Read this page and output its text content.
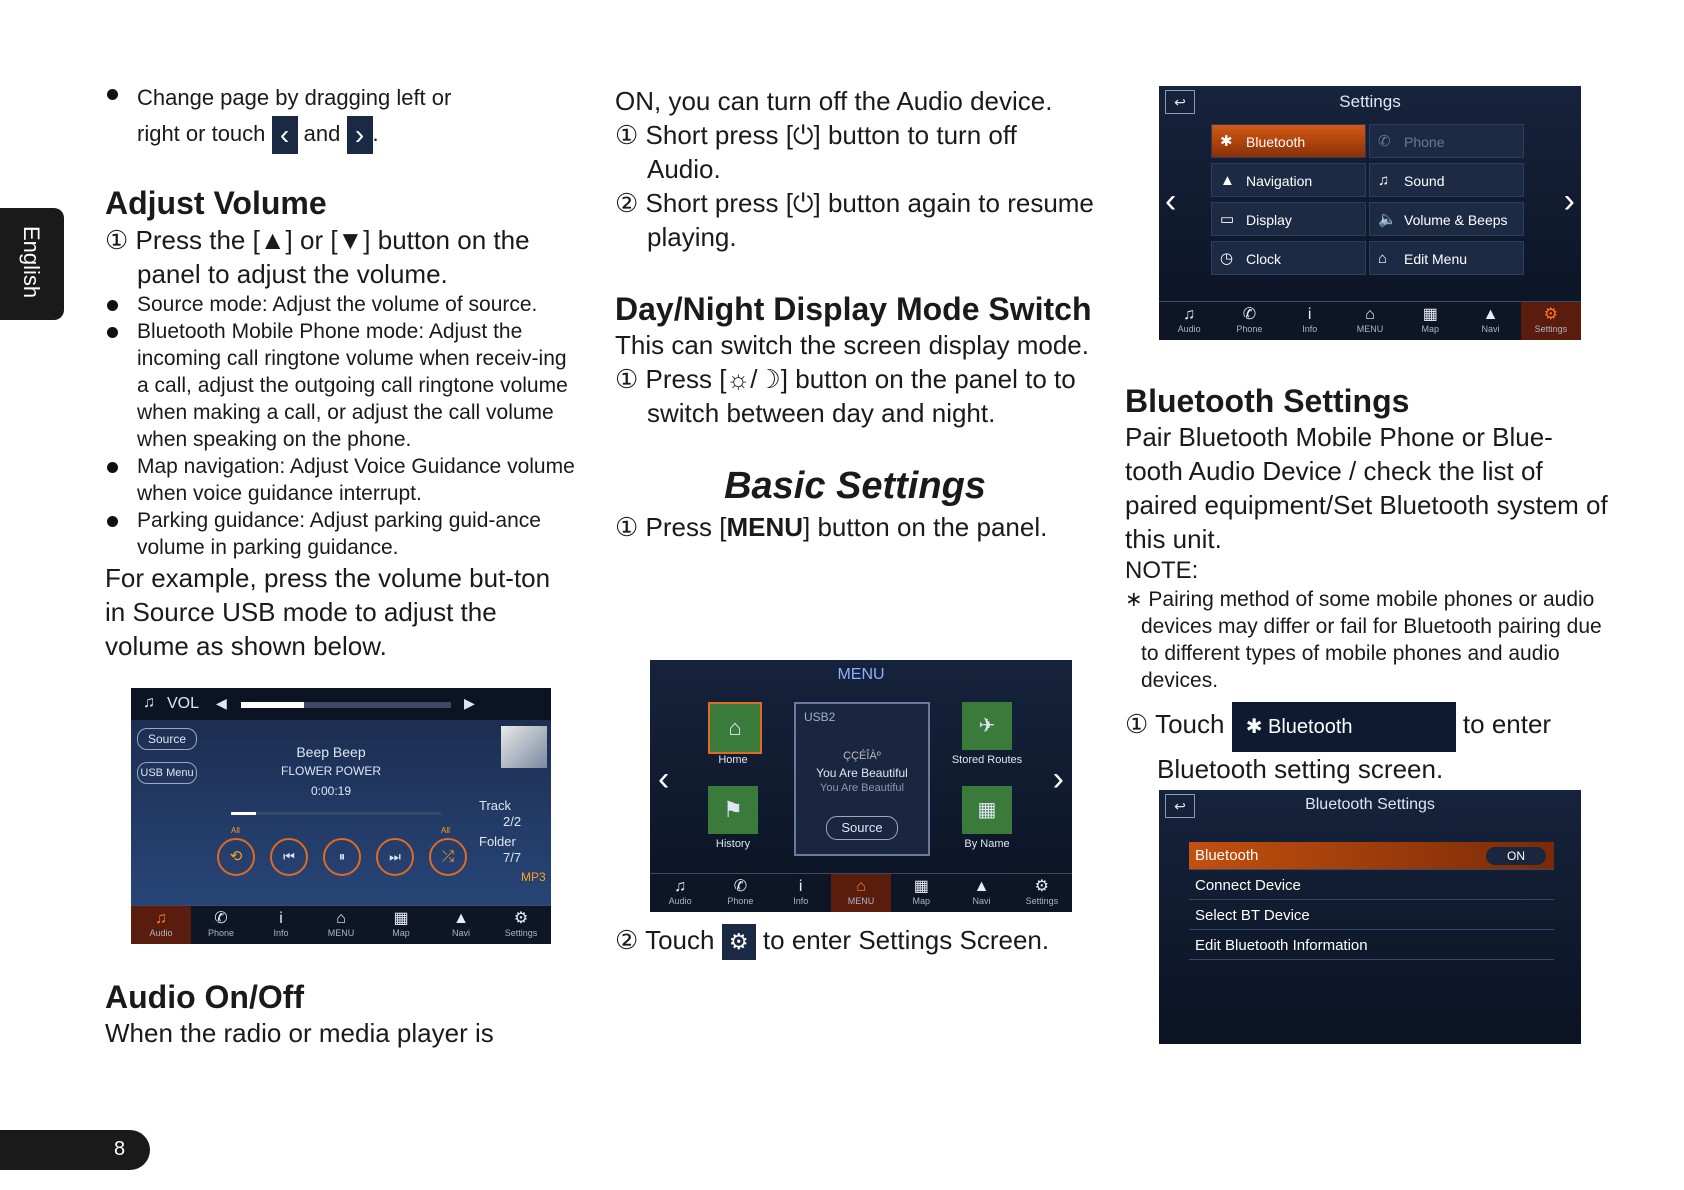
English
8
Change page by dragging left or
right or touch ‹ and › .
Adjust Volume

① Press the [▲] or [▼] button on the panel to adjust the volume.

Source mode: Adjust the volume of source.
Bluetooth Mobile Phone mode: Adjust the incoming call ringtone volume when receiv-ing a call, adjust the outgoing call ringtone volume when making a call, or adjust the call volume when speaking on the phone.
Map navigation: Adjust Voice Guidance volume when voice guidance interrupt.
Parking guidance: Adjust parking guid-ance volume in parking guidance.

For example, press the volume but-ton in Source USB mode to adjust the volume as shown below.

♫ VOL ◀	▶
Source
USB Menu
Beep Beep
FLOWER POWER
0:00:19
Track
2/2
Folder
7/7
MP3
All	All
⟲	⏮	⏸	⏭	⤮
♫
Audio
✆
Phone
i
Info
⌂
MENU
▦
Map
▲
Navi
⚙
Settings
Audio On/Off

When the radio or media player is

ON, you can turn off the Audio device.

① Short press [⏻] button to turn off Audio.

② Short press [⏻] button again to resume playing.

Day/Night Display Mode Switch

This can switch the screen display mode.

① Press [☼/☽] button on the panel to to switch between day and night.

Basic Settings

① Press [MENU] button on the panel.

MENU
‹	›
⌂
Home
⚑
History
USB2
ÇÇÉÎÀº
You Are Beautiful
You Are Beautiful
Source
✈
Stored Routes
▦
By Name
♫
Audio
✆
Phone
i
Info
⌂
MENU
▦
Map
▲
Navi
⚙
Settings
② Touch ⚙ to enter Settings Screen.
↩	Settings
‹	›
✱ Bluetooth	✆ Phone
▲ Navigation	♫ Sound
▭ Display	🔈 Volume & Beeps
◷ Clock	⌂ Edit Menu
♫
Audio
✆
Phone
i
Info
⌂
MENU
▦
Map
▲
Navi
⚙
Settings
Bluetooth Settings

Pair Bluetooth Mobile Phone or Blue-tooth Audio Device / check the list of paired equipment/Set Bluetooth system of this unit.

NOTE:

∗ Pairing method of some mobile phones or audio devices may differ or fail for Bluetooth pairing due to different types of mobile phones and audio devices.

① Touch ✱ Bluetooth	to enter

Bluetooth setting screen.

↩	Bluetooth Settings
Bluetooth	ON
Connect Device
Select BT Device
Edit Bluetooth Information
